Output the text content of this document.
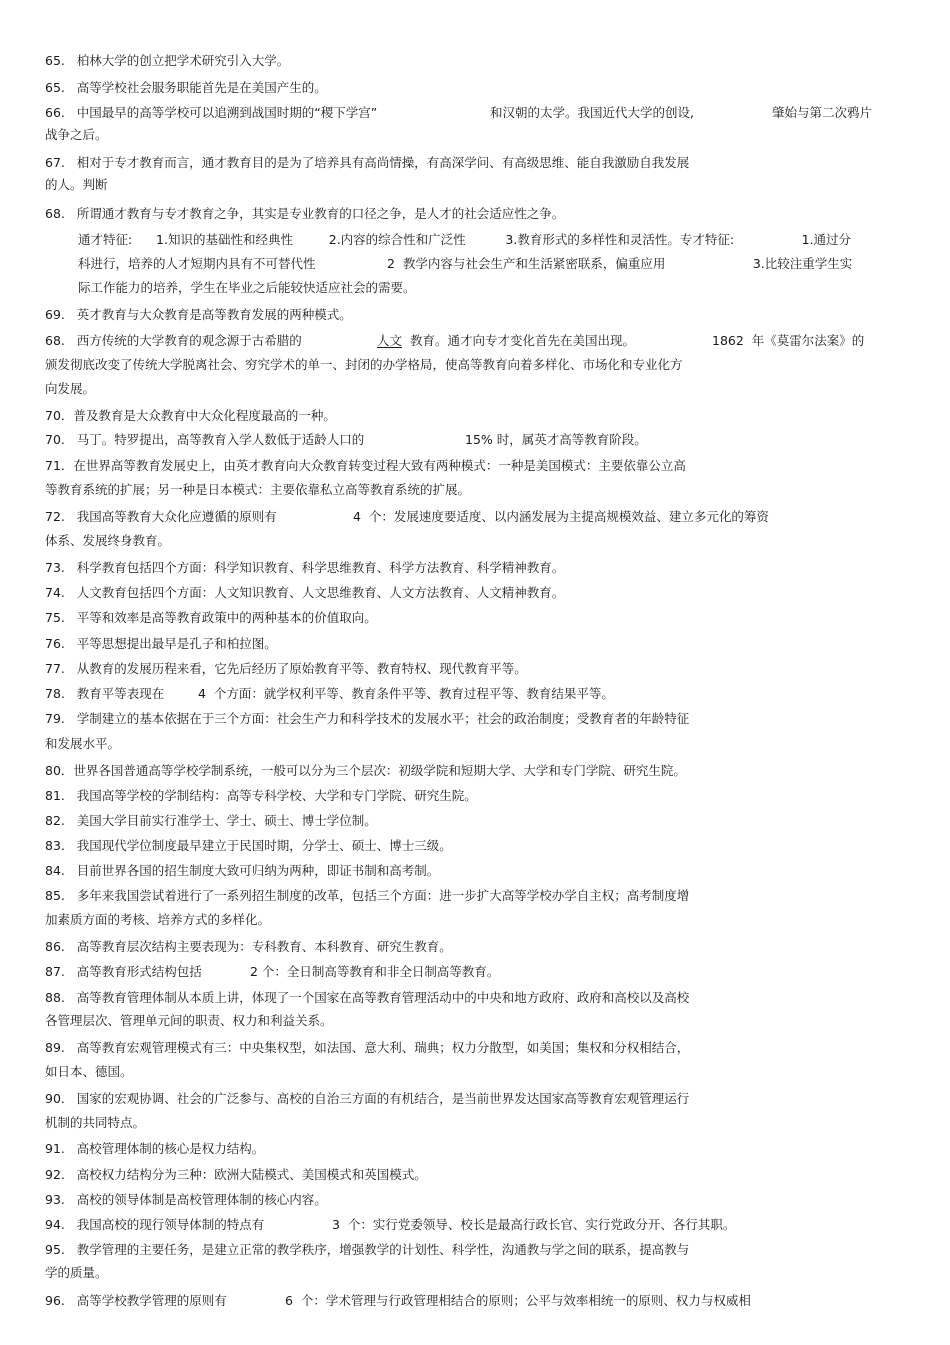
65.   柏林大学的创立把学术研究引入大学。
65.   高等学校社会服务职能首先是在美国产生的。
66.   中国最早的高等学校可以追溯到战国时期的“稷下学宫”	和汉朝的太学。我国近代大学的创设,	肇始与第二次鸦片
战争之后。
67.   相对于专才教育而言，通才教育目的是为了培养具有高尚情操，有高深学问、有高级思维、能自我激励自我发展
的人。判断
68.   所谓通才教育与专才教育之争，其实是专业教育的口径之争，是人才的社会适应性之争。
通才特征:      1.知识的基础性和经典性         2.内容的综合性和广泛性          3.教育形式的多样性和灵活性。专才特征:                 1.通过分
科进行，培养的人才短期内具有不可替代性                  2  教学内容与社会生产和生活紧密联系，偏重应用                      3.比较注重学生实
际工作能力的培养，学生在毕业之后能较快适应社会的需要。
69.   英才教育与大众教育是高等教育发展的两种模式。
68.   西方传统的大学教育的观念源于古希腊的	人文 教育。通才向专才变化首先在美国出现。	1862  年《莫雷尔法案》的
颁发彻底改变了传统大学脱离社会、穷究学术的单一、封闭的办学格局，使高等教育向着多样化、市场化和专业化方
向发展。
70．普及教育是大众教育中大众化程度最高的一种。
70.   马丁。特罗提出，高等教育入学人数低于适龄人口的	15% 时，属英才高等教育阶段。
71．在世界高等教育发展史上，由英才教育向大众教育转变过程大致有两种模式：一种是美国模式：主要依靠公立高
等教育系统的扩展；另一种是日本模式：主要依靠私立高等教育系统的扩展。
72.   我国高等教育大众化应遵循的原则有	4  个：发展速度要适度、以内涵发展为主提高规模效益、建立多元化的筹资
体系、发展终身教育。
73.   科学教育包括四个方面：科学知识教育、科学思维教育、科学方法教育、科学精神教育。
74.   人文教育包括四个方面：人文知识教育、人文思维教育、人文方法教育、人文精神教育。
75.   平等和效率是高等教育政策中的两种基本的价值取向。
76.   平等思想提出最早是孔子和柏拉图。
77.   从教育的发展历程来看，它先后经历了原始教育平等、教育特权、现代教育平等。
78.   教育平等表现在	4  个方面：就学权利平等、教育条件平等、教育过程平等、教育结果平等。
79.   学制建立的基本依据在于三个方面：社会生产力和科学技术的发展水平；社会的政治制度；受教育者的年龄特征
和发展水平。
80．世界各国普通高等学校学制系统，一般可以分为三个层次：初级学院和短期大学、大学和专门学院、研究生院。
81.   我国高等学校的学制结构：高等专科学校、大学和专门学院、研究生院。
82.   美国大学目前实行准学士、学士、硕士、博士学位制。
83.   我国现代学位制度最早建立于民国时期，分学士、硕士、博士三级。
84.   目前世界各国的招生制度大致可归纳为两种，即证书制和高考制。
85.   多年来我国尝试着进行了一系列招生制度的改革，包括三个方面：进一步扩大高等学校办学自主权；高考制度增
加素质方面的考核、培养方式的多样化。
86.   高等教育层次结构主要表现为：专科教育、本科教育、研究生教育。
87.   高等教育形式结构包括	2 个：全日制高等教育和非全日制高等教育。
88.   高等教育管理体制从本质上讲，体现了一个国家在高等教育管理活动中的中央和地方政府、政府和高校以及高校
各管理层次、管理单元间的职责、权力和利益关系。
89.   高等教育宏观管理模式有三：中央集权型，如法国、意大利、瑞典；权力分散型，如美国；集权和分权相结合，
如日本、德国。
90.   国家的宏观协调、社会的广泛参与、高校的自治三方面的有机结合，是当前世界发达国家高等教育宏观管理运行
机制的共同特点。
91.   高校管理体制的核心是权力结构。
92.   高校权力结构分为三种：欧洲大陆模式、美国模式和英国模式。
93.   高校的领导体制是高校管理体制的核心内容。
94.   我国高校的现行领导体制的特点有	3  个：实行党委领导、校长是最高行政长官、实行党政分开、各行其职。
95.   教学管理的主要任务，是建立正常的教学秩序，增强教学的计划性、科学性，沟通教与学之间的联系，提高教与
学的质量。
96.   高等学校教学管理的原则有	6  个：学术管理与行政管理相结合的原则；公平与效率相统一的原则、权力与权威相
